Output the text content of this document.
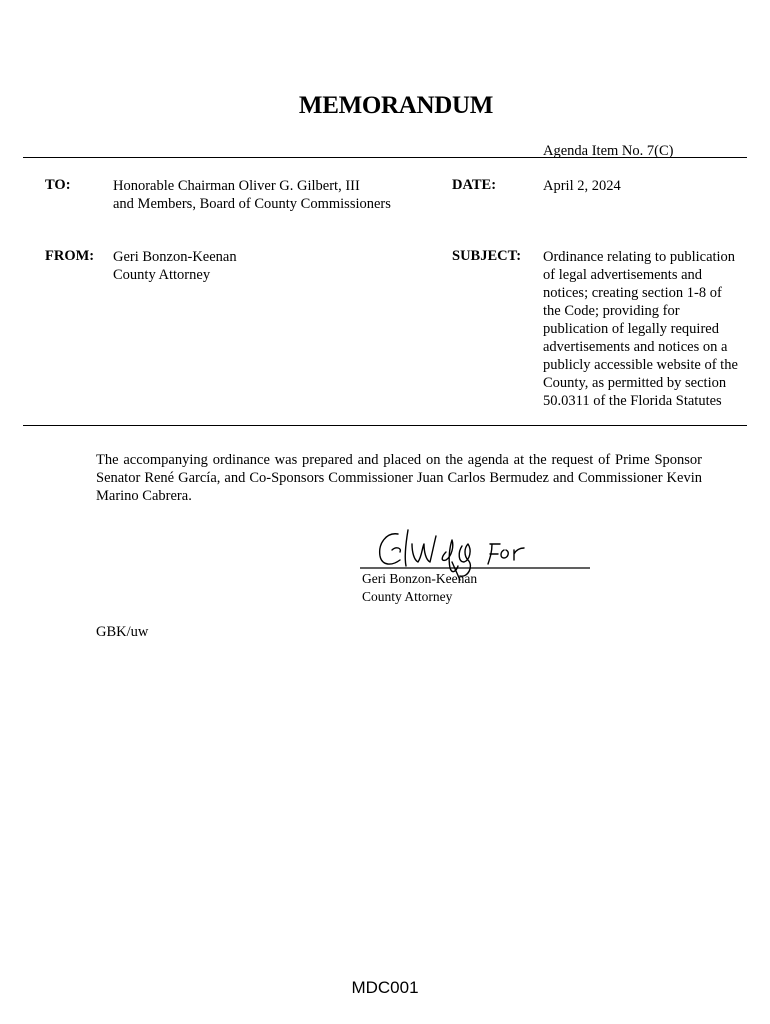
MEMORANDUM
Agenda Item No. 7(C)
TO:	Honorable Chairman Oliver G. Gilbert, III
and Members, Board of County Commissioners
DATE:	April 2, 2024
FROM: Geri Bonzon-Keenan
County Attorney
SUBJECT: Ordinance relating to publication
of legal advertisements and
notices; creating section 1-8 of
the Code; providing for
publication of legally required
advertisements and notices on a
publicly accessible website of the
County, as permitted by section
50.0311 of the Florida Statutes
The accompanying ordinance was prepared and placed on the agenda at the request of Prime Sponsor Senator René García, and Co-Sponsors Commissioner Juan Carlos Bermudez and Commissioner Kevin Marino Cabrera.
Geri Bonzon-Keenan
County Attorney
GBK/uw
MDC001
